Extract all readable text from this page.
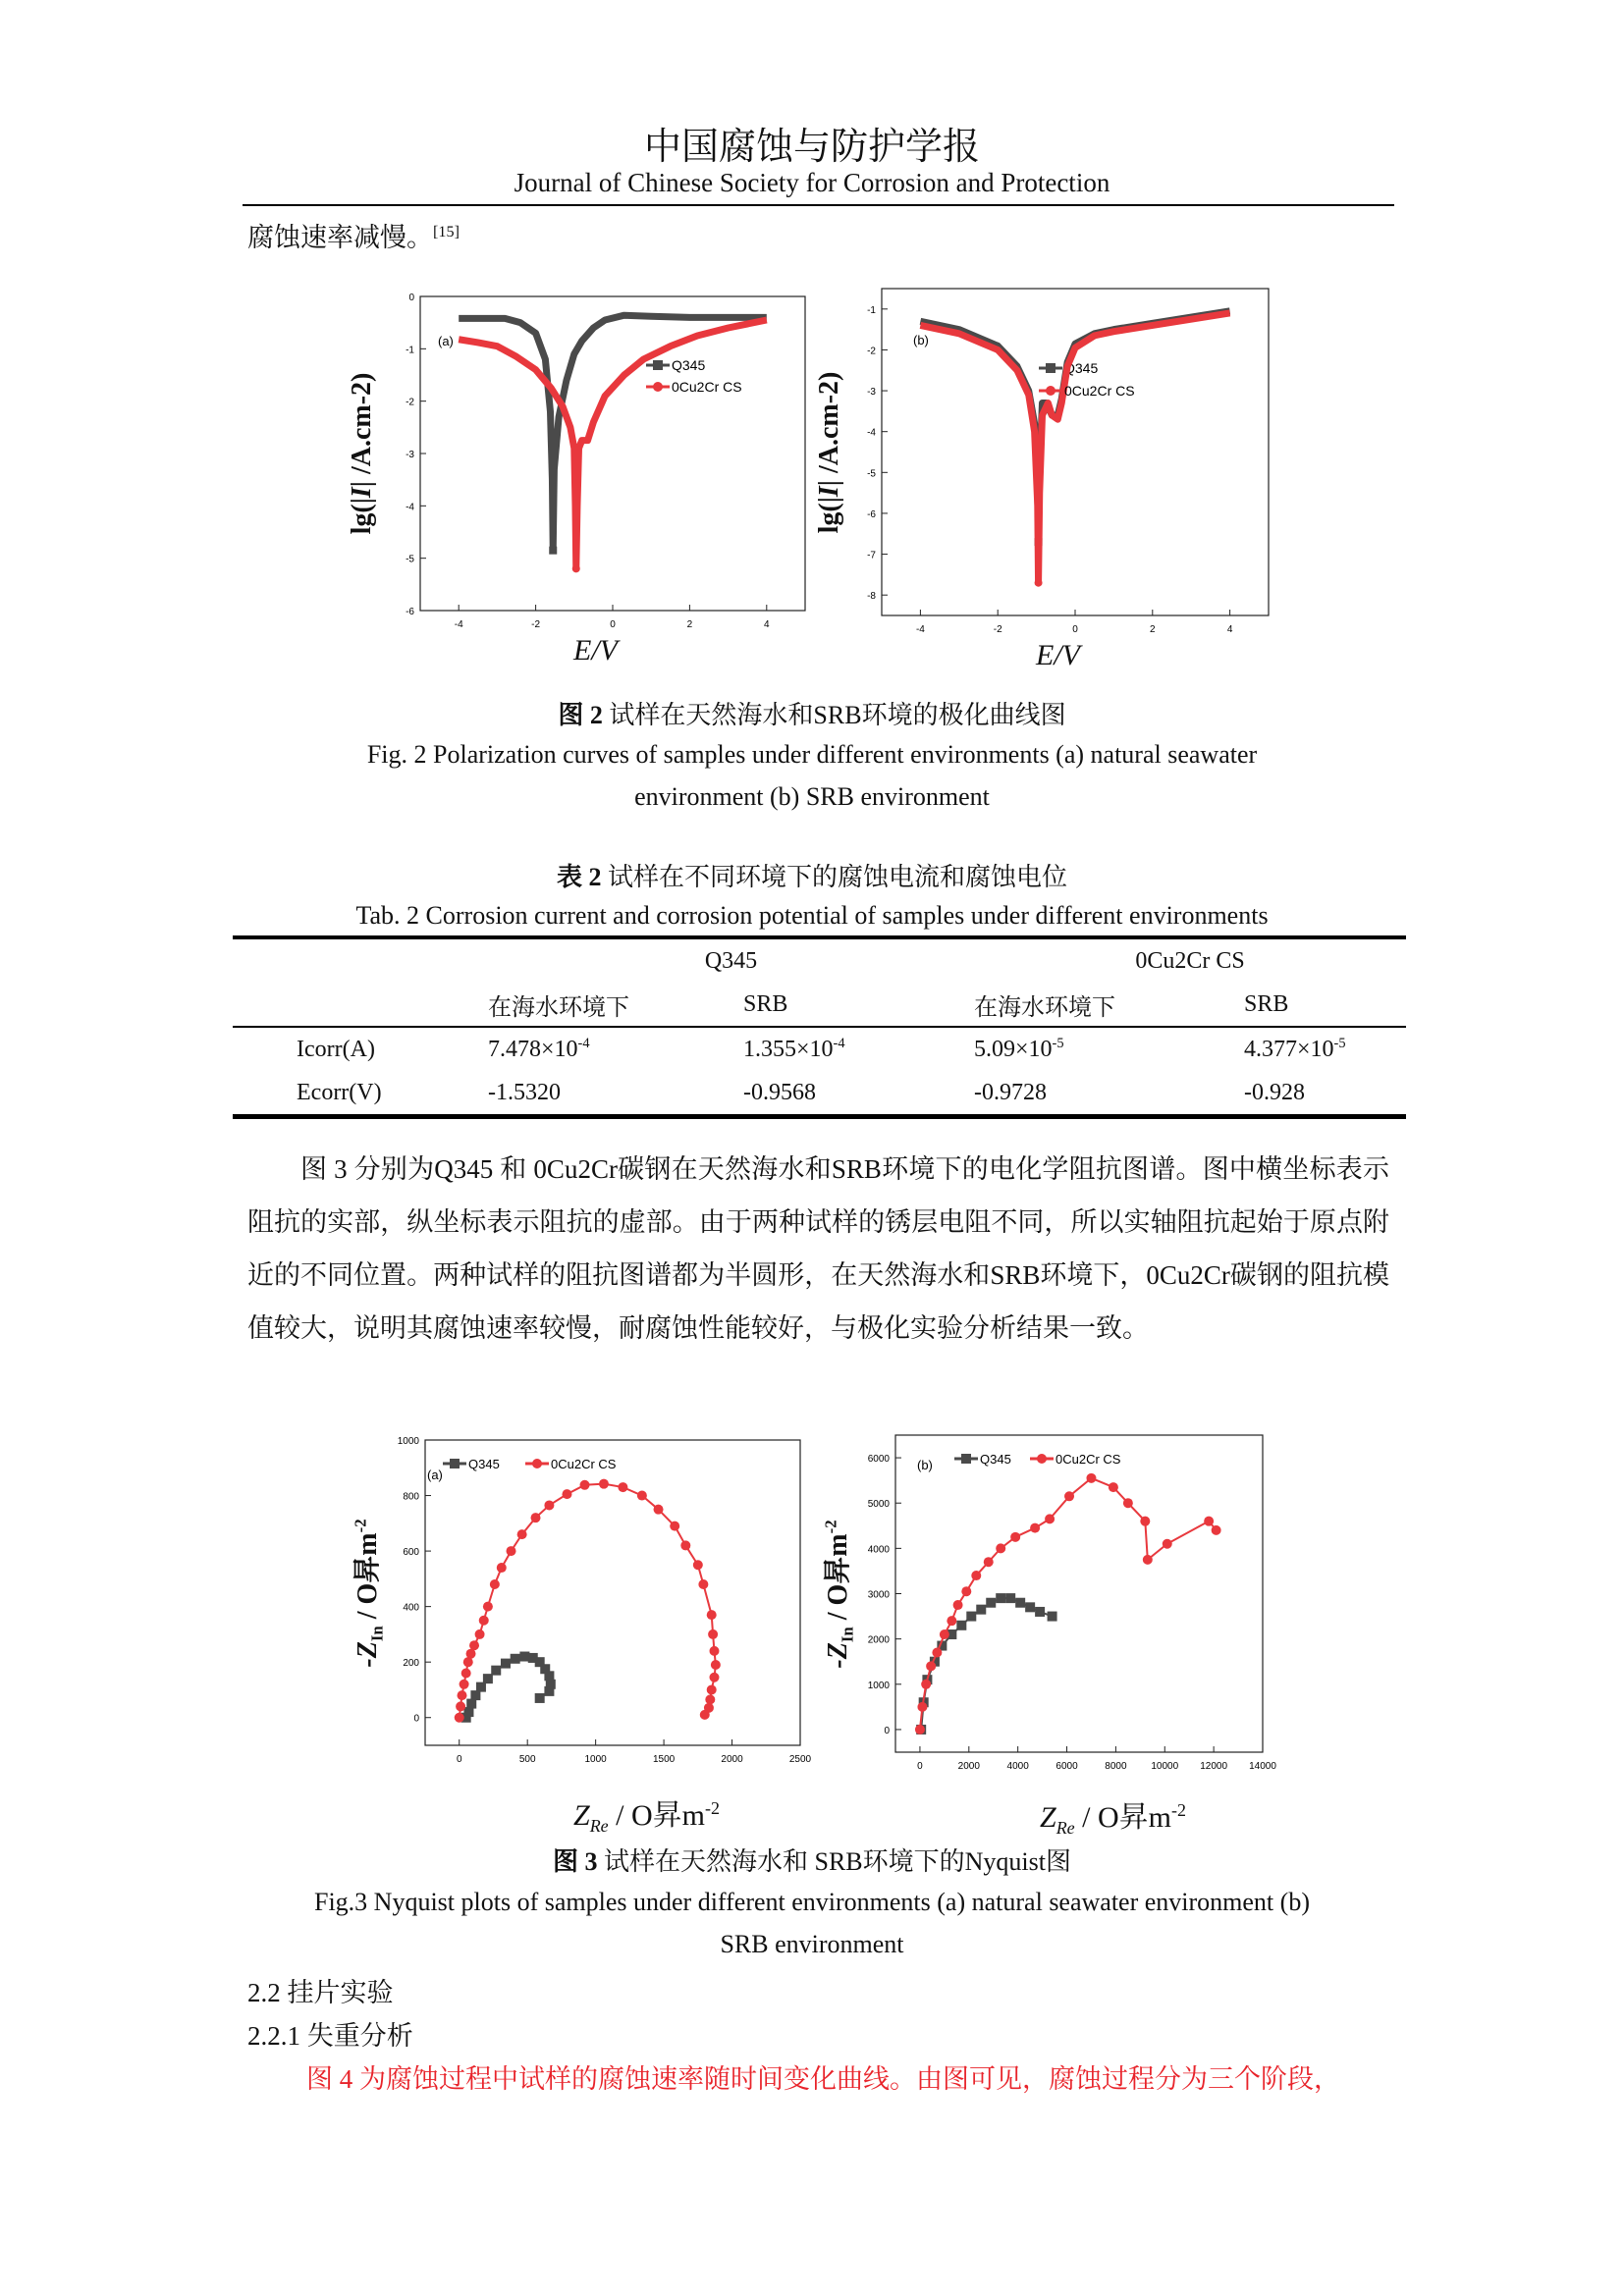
中国腐蚀与防护学报
Journal of Chinese Society for Corrosion and Protection
腐蚀速率减慢。[15]
-4	-2	0	2	4
0
-1
-2
-3
-4
-5
-6
Q345
0Cu2Cr CS
(a)
E/V
lg(|I| /A.cm-2)
-4	-2	0	2	4
-1
-2
-3
-4
-5
-6
-7
-8
Q345
0Cu2Cr CS
(b)
E/V
lg(|I| /A.cm-2)
图 2 试样在天然海水和SRB环境的极化曲线图
Fig. 2 Polarization curves of samples under different environments (a) natural seawater
environment (b) SRB environment
表 2 试样在不同环境下的腐蚀电流和腐蚀电位
Tab. 2 Corrosion current and corrosion potential of samples under different environments
	Q345		0Cu2Cr CS	
	在海水环境下	SRB	在海水环境下	SRB
Icorr(A)	$7.478\times 10^{-4}$	$1.355\times 10^{-4}$	$5.09\times 10^{-5}$	$4.377\times 10^{-5}$
Ecorr(V)	-1.5320	-0.9568	-0.9728	-0.928
图 3 分别为Q345 和 0Cu2Cr碳钢在天然海水和SRB环境下的电化学阻抗图谱。图中横坐标表示阻抗的实部，纵坐标表示阻抗的虚部。由于两种试样的锈层电阻不同，所以实轴阻抗起始于原点附近的不同位置。两种试样的阻抗图谱都为半圆形，在天然海水和SRB环境下，0Cu2Cr碳钢的阻抗模值较大，说明其腐蚀速率较慢，耐腐蚀性能较好，与极化实验分析结果一致。
0	500	1000	1500	2000	2500
0
200
400
600
800
1000
Q345	0Cu2Cr CS
(a)
$Z_{Re}$ / Ο昇$m^{-2}$
$-Z_{In}$ / Ο昇$m^{-2}$
0	2000	4000	6000	8000 10000 12000 14000
0
1000
2000
3000
4000
5000
6000	Q345	0Cu2Cr CS
(b)
$Z_{Re}$ / Ο昇$m^{-2}$
$-Z_{In}$ / Ο昇$m^{-2}$
图 3 试样在天然海水和 SRB环境下的Nyquist图
Fig.3 Nyquist plots of samples under different environments (a) natural seawater environment (b)
SRB environment
2.2 挂片实验
2.2.1 失重分析
图 4 为腐蚀过程中试样的腐蚀速率随时间变化曲线。由图可见，腐蚀过程分为三个阶段，
